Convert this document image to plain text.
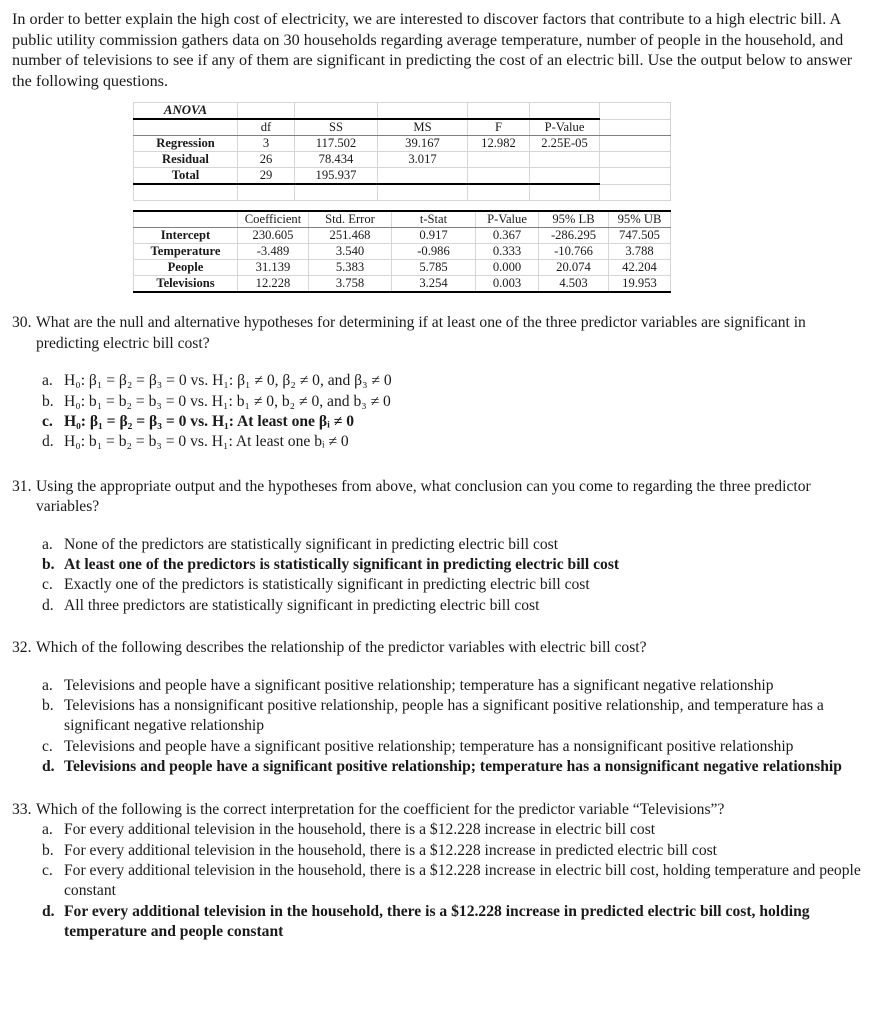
In order to better explain the high cost of electricity, we are interested to discover factors that contribute to a high electric bill. A public utility commission gathers data on 30 households regarding average temperature, number of people in the household, and number of televisions to see if any of them are significant in predicting the cost of an electric bill. Use the output below to answer the following questions.

ANOVA						
	df	SS	MS	F	P-Value	
Regression	3	117.502	39.167	12.982	2.25E-05	
Residual	26	78.434	3.017			
Total	29	195.937				

	Coefficient	Std. Error	t-Stat	P-Value	95% LB	95% UB
Intercept	230.605	251.468	0.917	0.367	-286.295	747.505
Temperature	-3.489	3.540	-0.986	0.333	-10.766	3.788
People	31.139	5.383	5.785	0.000	20.074	42.204
Televisions	12.228	3.758	3.254	0.003	4.503	19.953
30. What are the null and alternative hypotheses for determining if at least one of the three predictor variables are significant in predicting electric bill cost?
a. H₀: β₁ = β₂ = β₃ = 0 vs. H₁: β₁ ≠ 0, β₂ ≠ 0, and β₃ ≠ 0
b. H₀: b₁ = b₂ = b₃ = 0 vs. H₁: b₁ ≠ 0, b₂ ≠ 0, and b₃ ≠ 0
c. H₀: β₁ = β₂ = β₃ = 0 vs. H₁: At least one βᵢ ≠ 0
d. H₀: b₁ = b₂ = b₃ = 0 vs. H₁: At least one bᵢ ≠ 0
31. Using the appropriate output and the hypotheses from above, what conclusion can you come to regarding the three predictor variables?
a. None of the predictors are statistically significant in predicting electric bill cost
b. At least one of the predictors is statistically significant in predicting electric bill cost
c. Exactly one of the predictors is statistically significant in predicting electric bill cost
d. All three predictors are statistically significant in predicting electric bill cost
32. Which of the following describes the relationship of the predictor variables with electric bill cost?
a. Televisions and people have a significant positive relationship; temperature has a significant negative relationship
b. Televisions has a nonsignificant positive relationship, people has a significant positive relationship, and temperature has a significant negative relationship
c. Televisions and people have a significant positive relationship; temperature has a nonsignificant positive relationship
d. Televisions and people have a significant positive relationship; temperature has a nonsignificant negative relationship
33. Which of the following is the correct interpretation for the coefficient for the predictor variable “Televisions”?
a. For every additional television in the household, there is a $12.228 increase in electric bill cost
b. For every additional television in the household, there is a $12.228 increase in predicted electric bill cost
c. For every additional television in the household, there is a $12.228 increase in electric bill cost, holding temperature and people constant
d. For every additional television in the household, there is a $12.228 increase in predicted electric bill cost, holding temperature and people constant
